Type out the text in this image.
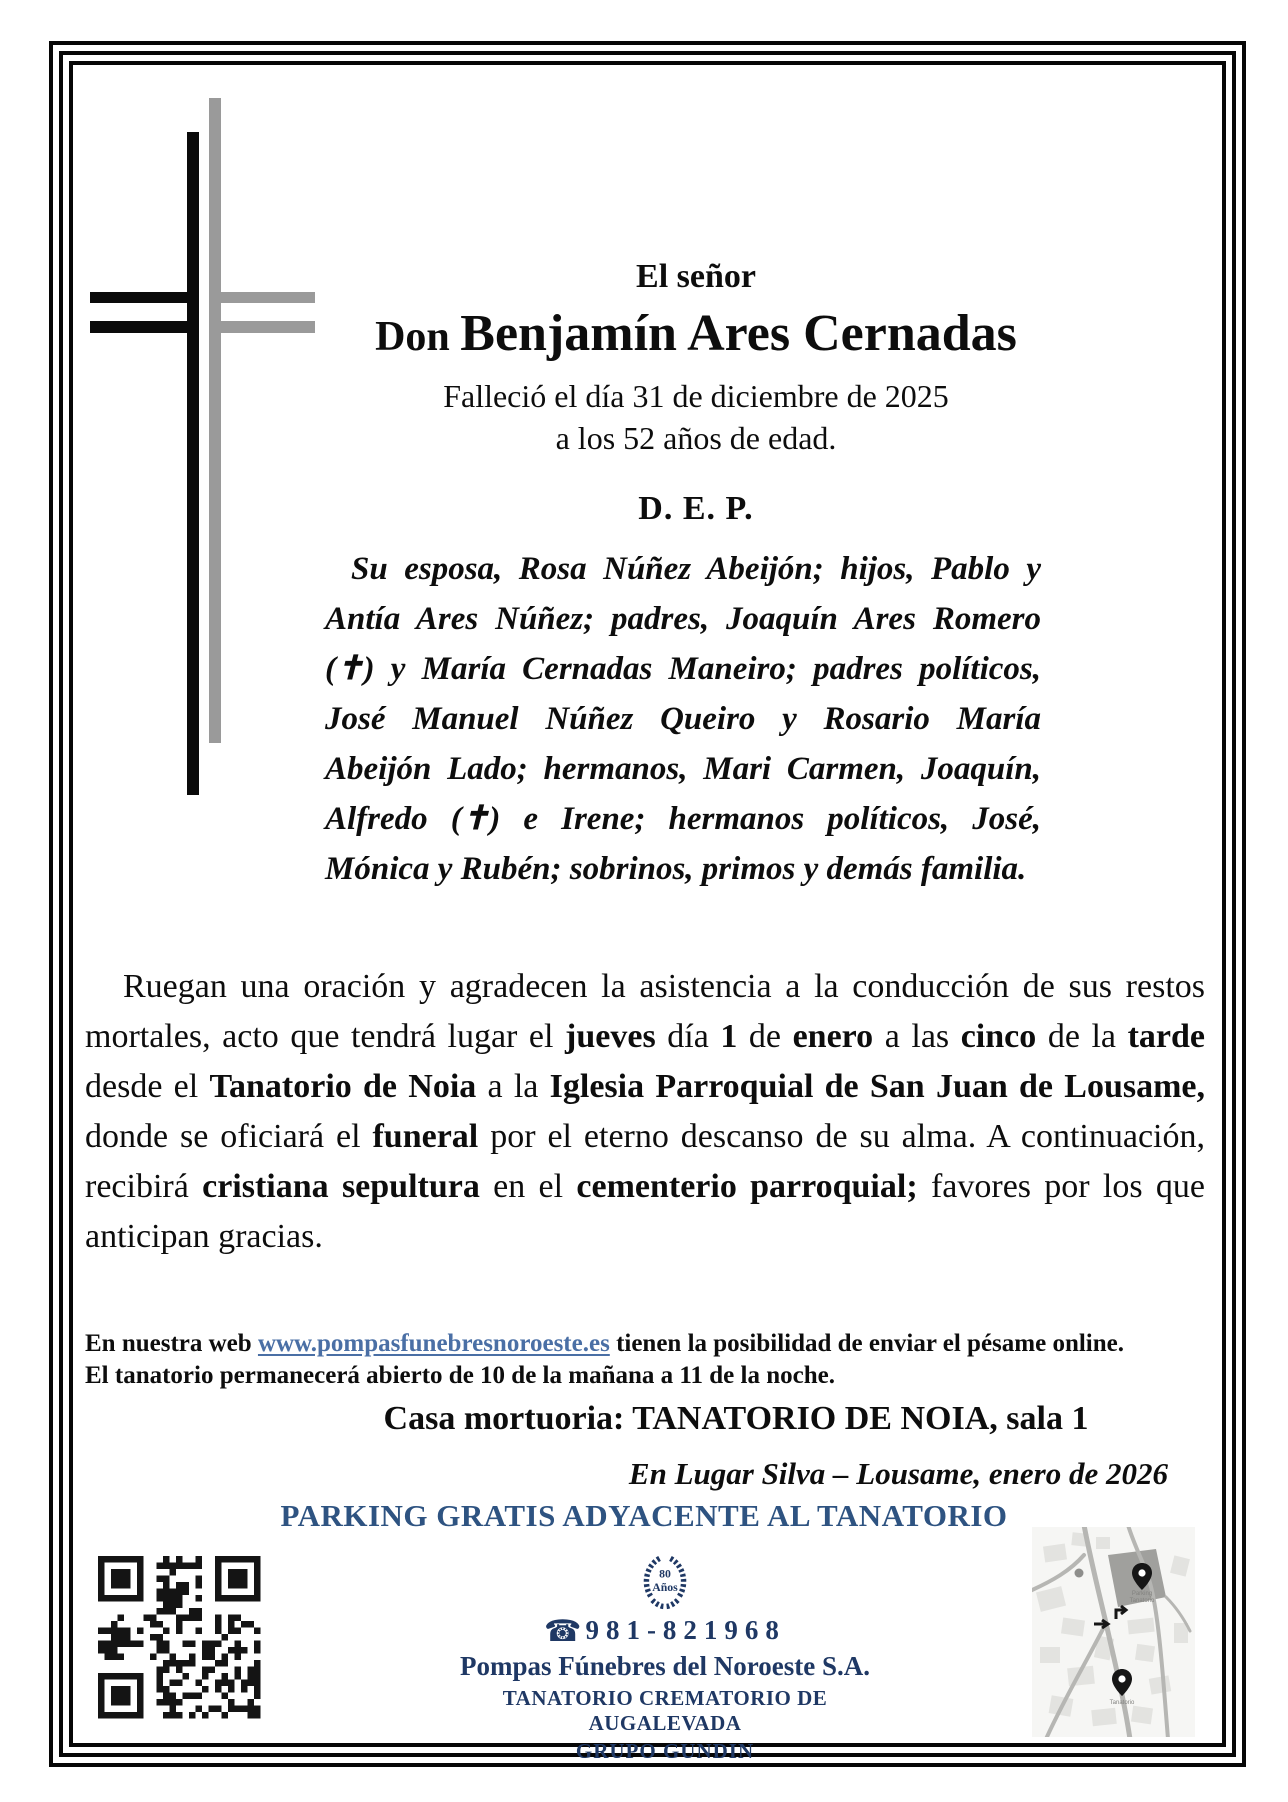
El señor
Don Benjamín Ares Cernadas
Falleció el día 31 de diciembre de 2025
a los 52 años de edad.
D. E. P.
Su esposa, Rosa Núñez Abeijón; hijos, Pablo y Antía Ares Núñez; padres, Joaquín Ares Romero (✝) y María Cernadas Maneiro; padres políticos, José Manuel Núñez Queiro y Rosario María Abeijón Lado; hermanos, Mari Carmen, Joaquín, Alfredo (✝) e Irene; hermanos políticos, José, Mónica y Rubén; sobrinos, primos y demás familia.
Ruegan una oración y agradecen la asistencia a la conducción de sus restos mortales, acto que tendrá lugar el jueves día 1 de enero a las cinco de la tarde desde el Tanatorio de Noia a la Iglesia Parroquial de San Juan de Lousame, donde se oficiará el funeral por el eterno descanso de su alma. A continuación, recibirá cristiana sepultura en el cementerio parroquial; favores por los que anticipan gracias.
En nuestra web www.pompasfunebresnoroeste.es tienen la posibilidad de enviar el pésame online.
El tanatorio permanecerá abierto de 10 de la mañana a 11 de la noche.
Casa mortuoria: TANATORIO DE NOIA, sala 1
En Lugar Silva – Lousame, enero de 2026
PARKING GRATIS ADYACENTE AL TANATORIO
80
Años
☎ 981-821968
Pompas Fúnebres del Noroeste S.A.
TANATORIO CREMATORIO DE AUGALEVADA
GRUPO GUNDIN
Parking
Tanatorio
Tanatorio
